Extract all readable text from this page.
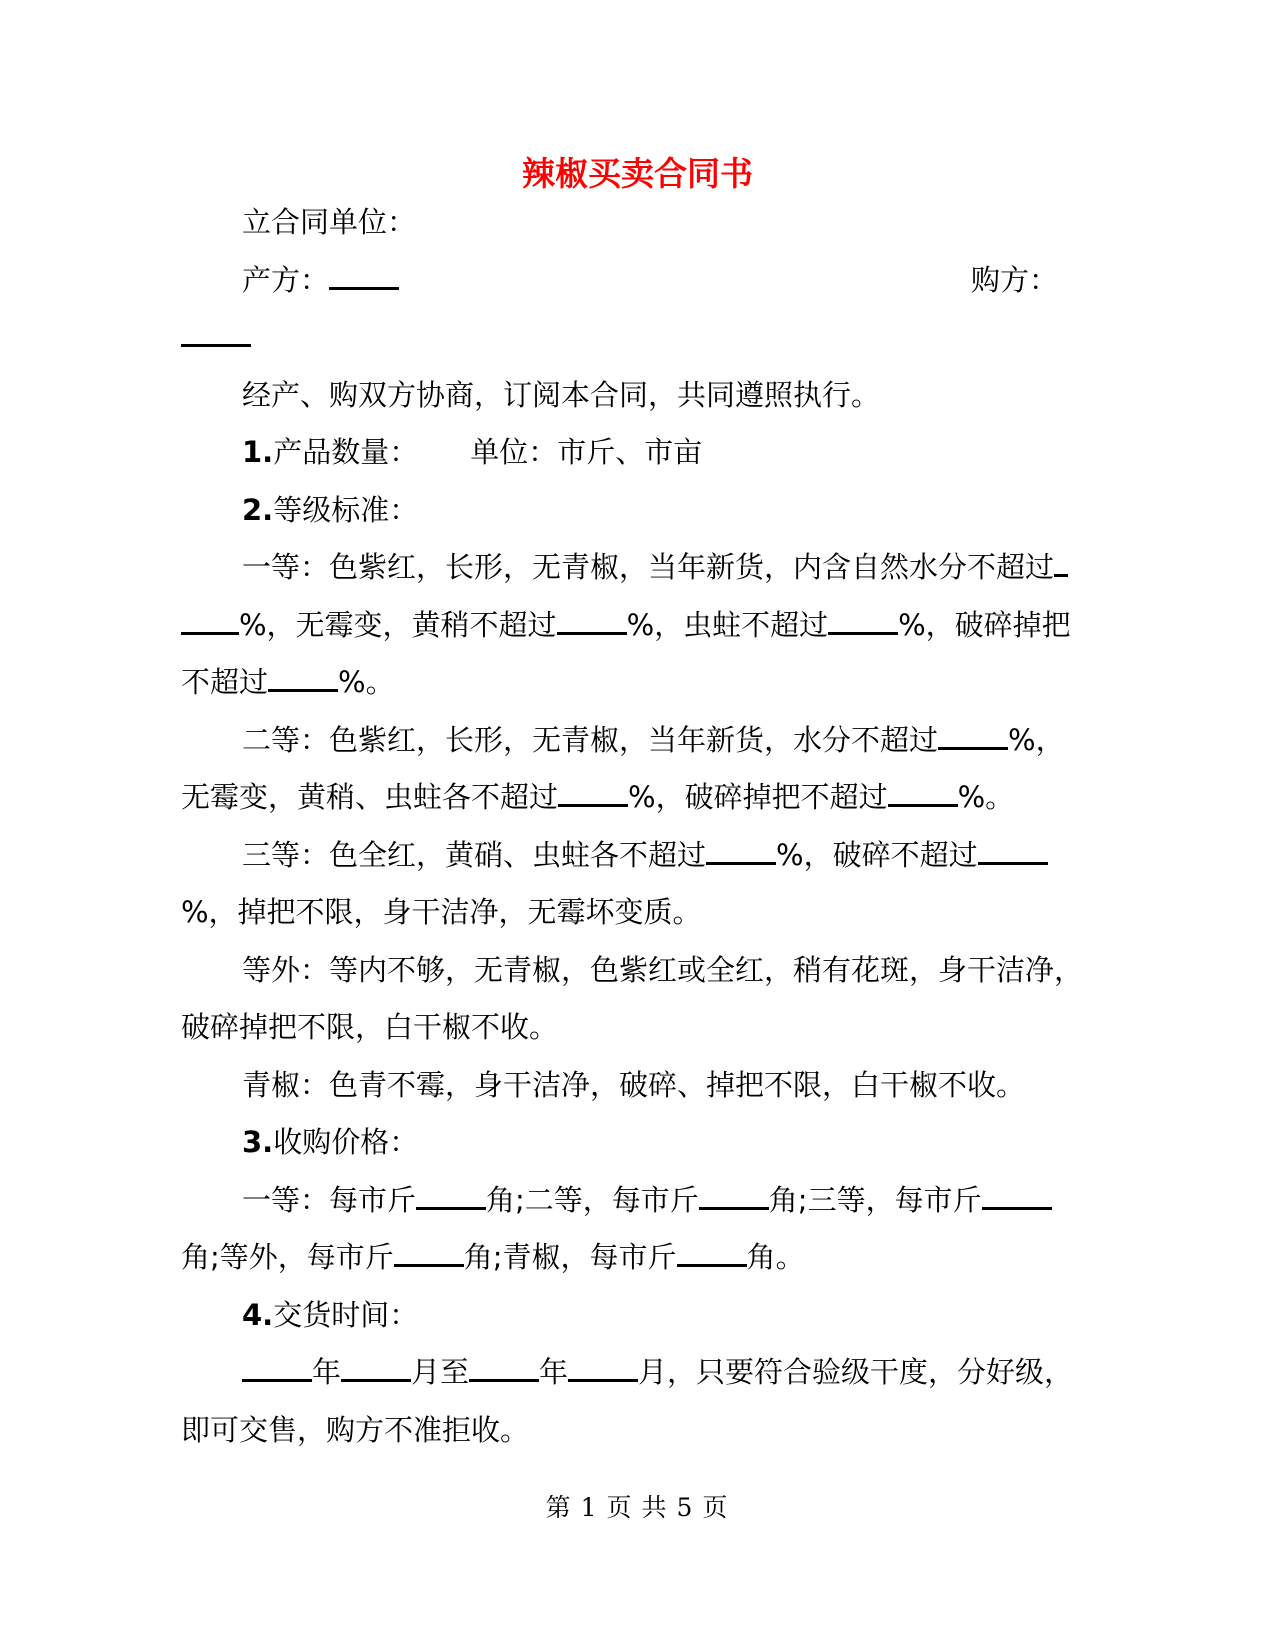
辣椒买卖合同书

立合同单位：

产方：	购方：

经产、购双方协商，订阅本合同，共同遵照执行。

1.产品数量： 单位：市斤、市亩

2.等级标准：

一等：色紫红，长形，无青椒，当年新货，内含自然水分不超过%，无霉变，黄稍不超过 %，虫蛀不超过 %，破碎掉把不超过 %。

二等：色紫红，长形，无青椒，当年新货，水分不超过 %，无霉变，黄稍、虫蛀各不超过 %，破碎掉把不超过 %。

三等：色全红，黄硝、虫蛀各不超过 %，破碎不超过%，掉把不限，身干洁净，无霉坏变质。

等外：等内不够，无青椒，色紫红或全红，稍有花斑，身干洁净，破碎掉把不限，白干椒不收。

青椒：色青不霉，身干洁净，破碎、掉把不限，白干椒不收。

3.收购价格：

一等：每市斤 角;二等，每市斤 角;三等，每市斤角;等外，每市斤 角;青椒，每市斤 角。

4.交货时间：

年 月至 年 月，只要符合验级干度，分好级，即可交售，购方不准拒收。

第 1 页 共 5 页
